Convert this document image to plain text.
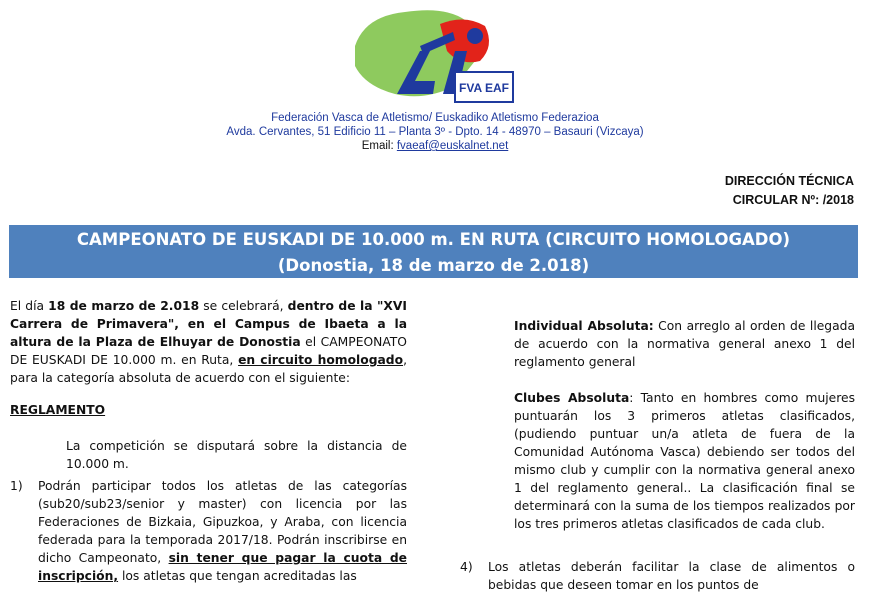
FVA EAF
Federación Vasca de Atletismo/ Euskadiko Atletismo Federazioa
Avda. Cervantes, 51 Edificio 11 – Planta 3º - Dpto. 14 - 48970 – Basauri (Vizcaya)
Email: fvaeaf@euskalnet.net
DIRECCIÓN TÉCNICA
CIRCULAR Nº: /2018
CAMPEONATO DE EUSKADI DE 10.000 m. EN RUTA (CIRCUITO HOMOLOGADO)
(Donostia, 18 de marzo de 2.018)

El día 18 de marzo de 2.018 se celebrará, dentro de la "XVI Carrera de Primavera", en el Campus de Ibaeta a la altura de la Plaza de Elhuyar de Donostia el CAMPEONATO DE EUSKADI DE 10.000 m. en Ruta, en circuito homologado, para la categoría absoluta de acuerdo con el siguiente:

REGLAMENTO

La competición se disputará sobre la distancia de 10.000 m.

1)	Podrán participar todos los atletas de las categorías (sub20/sub23/senior y master) con licencia por las Federaciones de Bizkaia, Gipuzkoa, y Araba, con licencia federada para la temporada 2017/18. Podrán inscribirse en dicho Campeonato, sin tener que pagar la cuota de inscripción, los atletas que tengan acreditadas las

Individual Absoluta: Con arreglo al orden de llegada de acuerdo con la normativa general anexo 1 del reglamento general

Clubes Absoluta: Tanto en hombres como mujeres puntuarán los 3 primeros atletas clasificados, (pudiendo puntuar un/a atleta de fuera de la Comunidad Autónoma Vasca) debiendo ser todos del mismo club y cumplir con la normativa general anexo 1 del reglamento general.. La clasificación final se determinará con la suma de los tiempos realizados por los tres primeros atletas clasificados de cada club.

4)	Los atletas deberán facilitar la clase de alimentos o bebidas que deseen tomar en los puntos de
